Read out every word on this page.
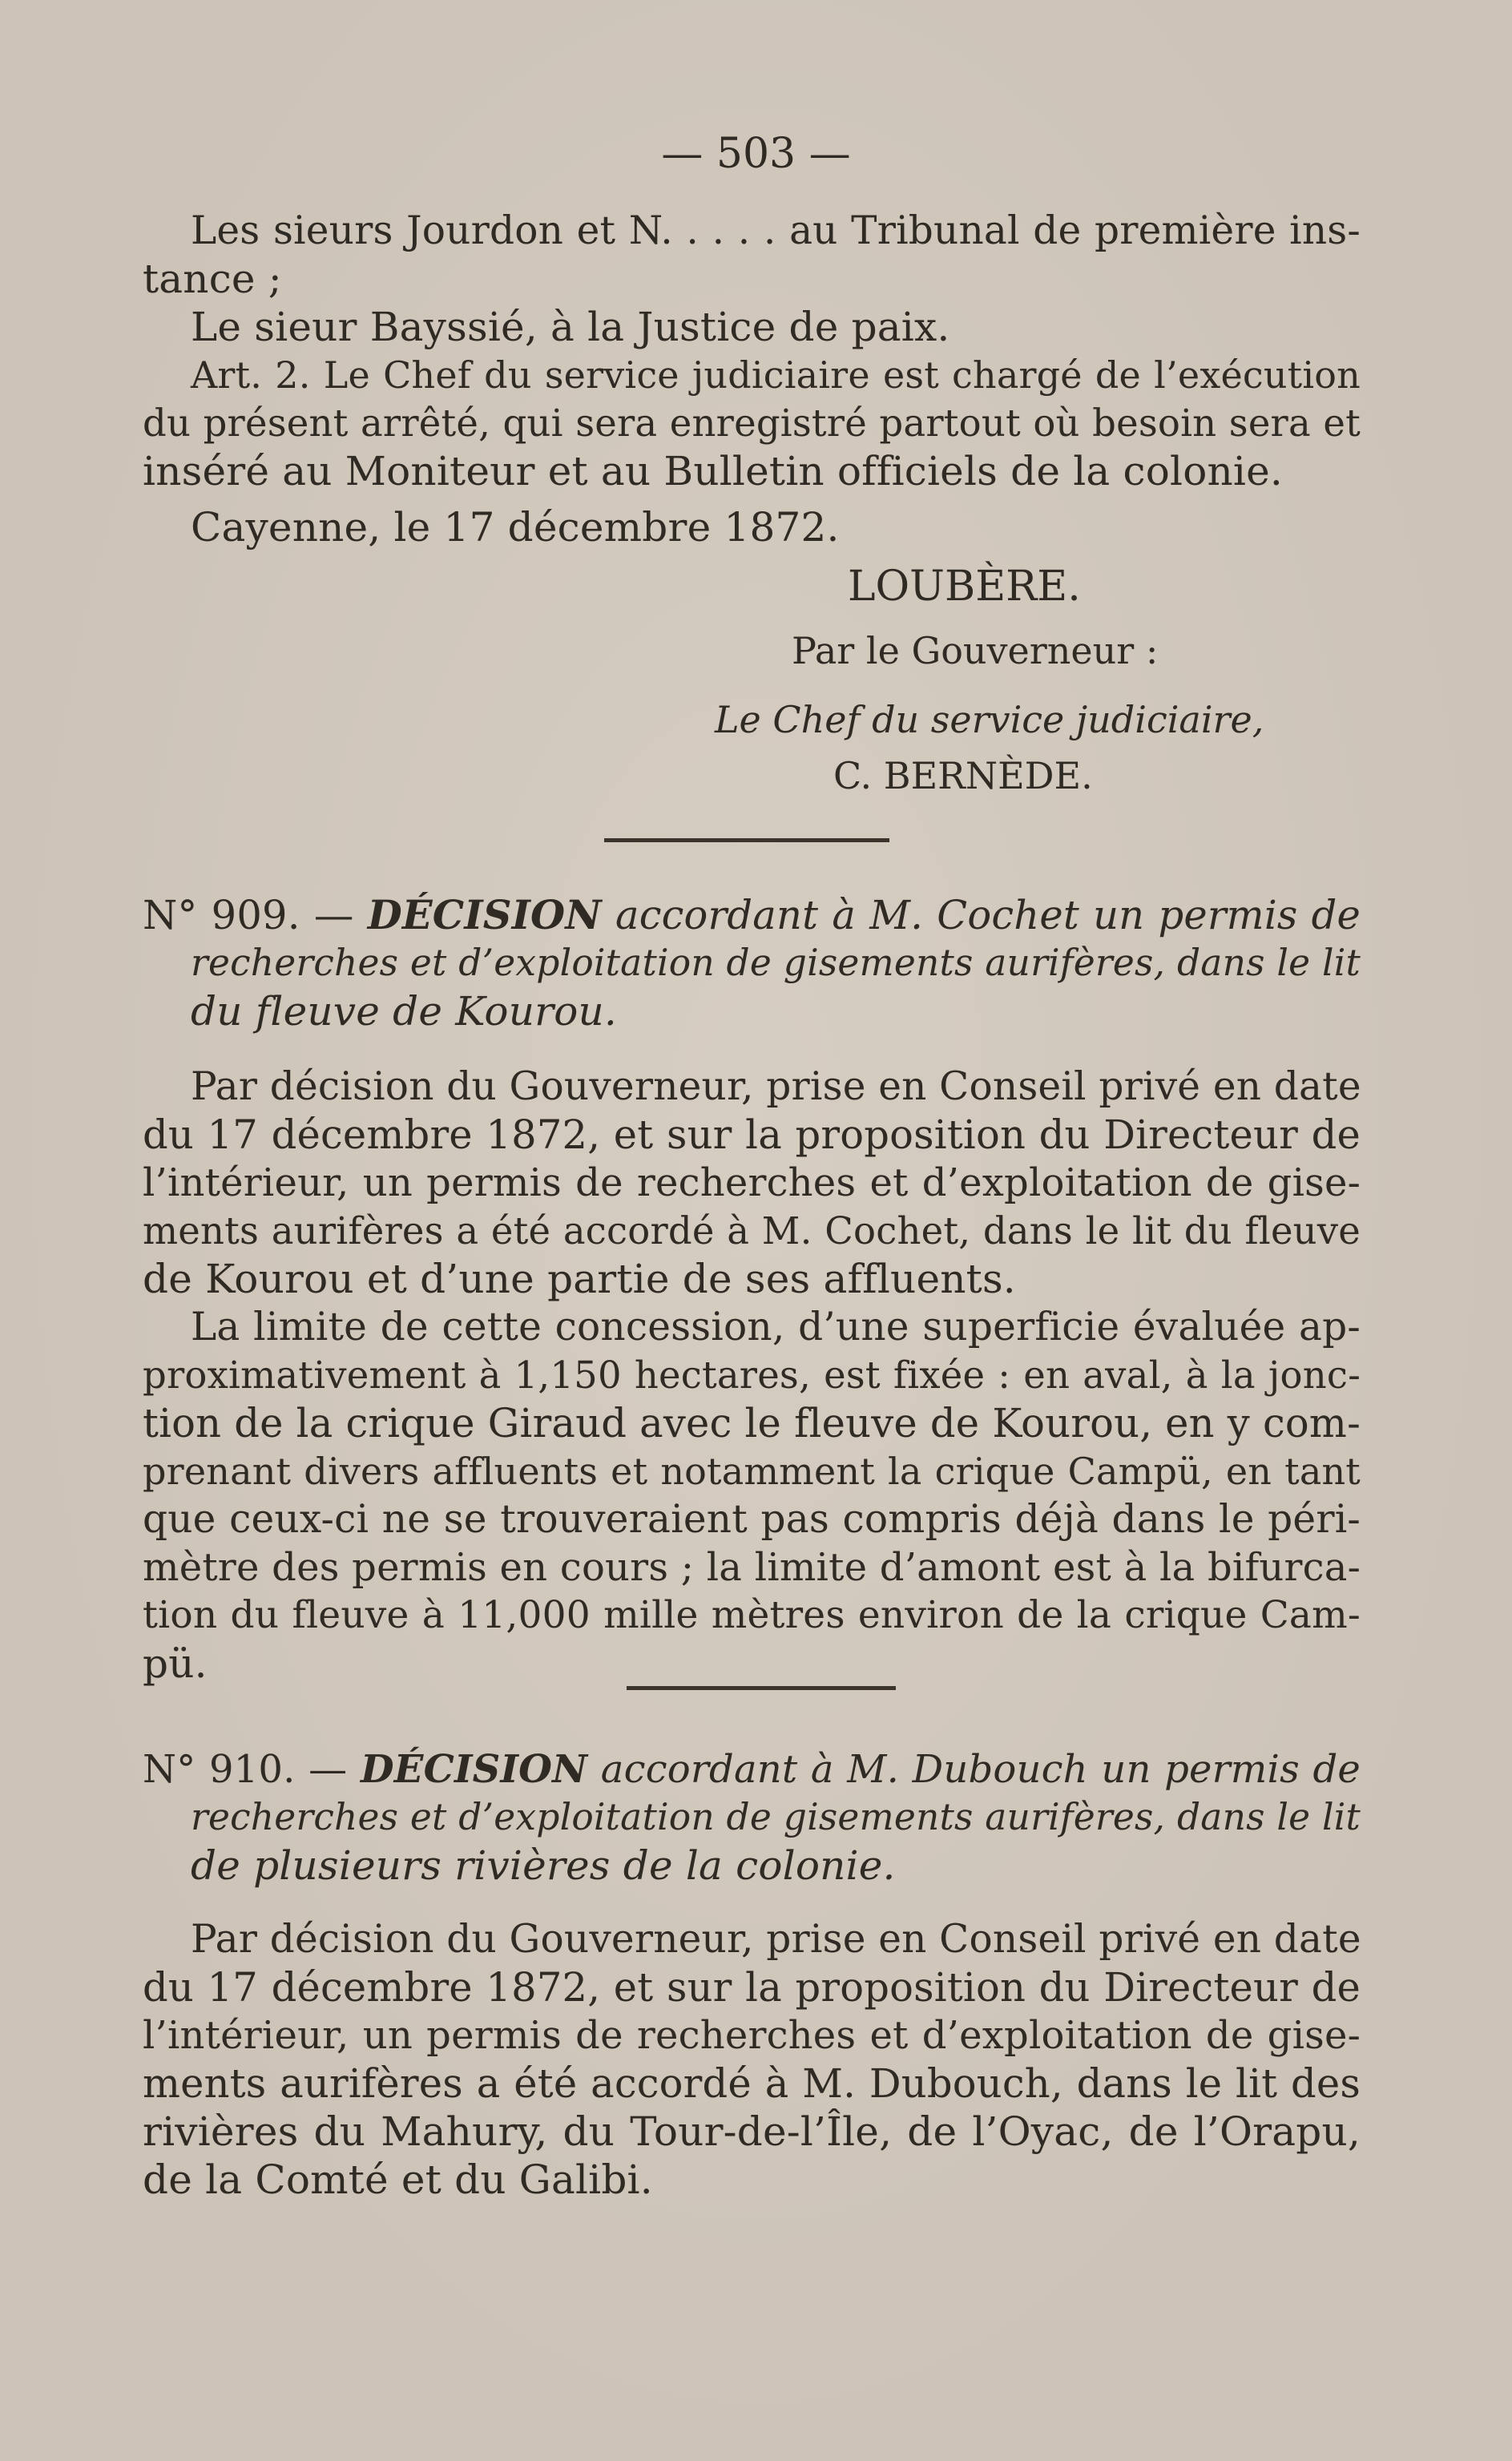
— 503 —
Les sieurs Jourdon et N. . . . . au Tribunal de première ins-
tance ;
Le sieur Bayssié, à la Justice de paix.
Art. 2. Le Chef du service judiciaire est chargé de l’exécution
du présent arrêté, qui sera enregistré partout où besoin sera et
inséré au Moniteur et au Bulletin officiels de la colonie.
Cayenne, le 17 décembre 1872.
LOUBÈRE.
Par le Gouverneur :
Le Chef du service judiciaire,
C. BERNÈDE.
N° 909. — DÉCISION accordant à M. Cochet un permis de
recherches et d’exploitation de gisements aurifères, dans le lit
du fleuve de Kourou.
Par décision du Gouverneur, prise en Conseil privé en date
du 17 décembre 1872, et sur la proposition du Directeur de
l’intérieur, un permis de recherches et d’exploitation de gise-
ments aurifères a été accordé à M. Cochet, dans le lit du fleuve
de Kourou et d’une partie de ses affluents.
La limite de cette concession, d’une superficie évaluée ap-
proximativement à 1,150 hectares, est fixée : en aval, à la jonc-
tion de la crique Giraud avec le fleuve de Kourou, en y com-
prenant divers affluents et notamment la crique Campü, en tant
que ceux-ci ne se trouveraient pas compris déjà dans le péri-
mètre des permis en cours ; la limite d’amont est à la bifurca-
tion du fleuve à 11,000 mille mètres environ de la crique Cam-
pü.
N° 910. — DÉCISION accordant à M. Dubouch un permis de
recherches et d’exploitation de gisements aurifères, dans le lit
de plusieurs rivières de la colonie.
Par décision du Gouverneur, prise en Conseil privé en date
du 17 décembre 1872, et sur la proposition du Directeur de
l’intérieur, un permis de recherches et d’exploitation de gise-
ments aurifères a été accordé à M. Dubouch, dans le lit des
rivières du Mahury, du Tour-de-l’Île, de l’Oyac, de l’Orapu,
de la Comté et du Galibi.
